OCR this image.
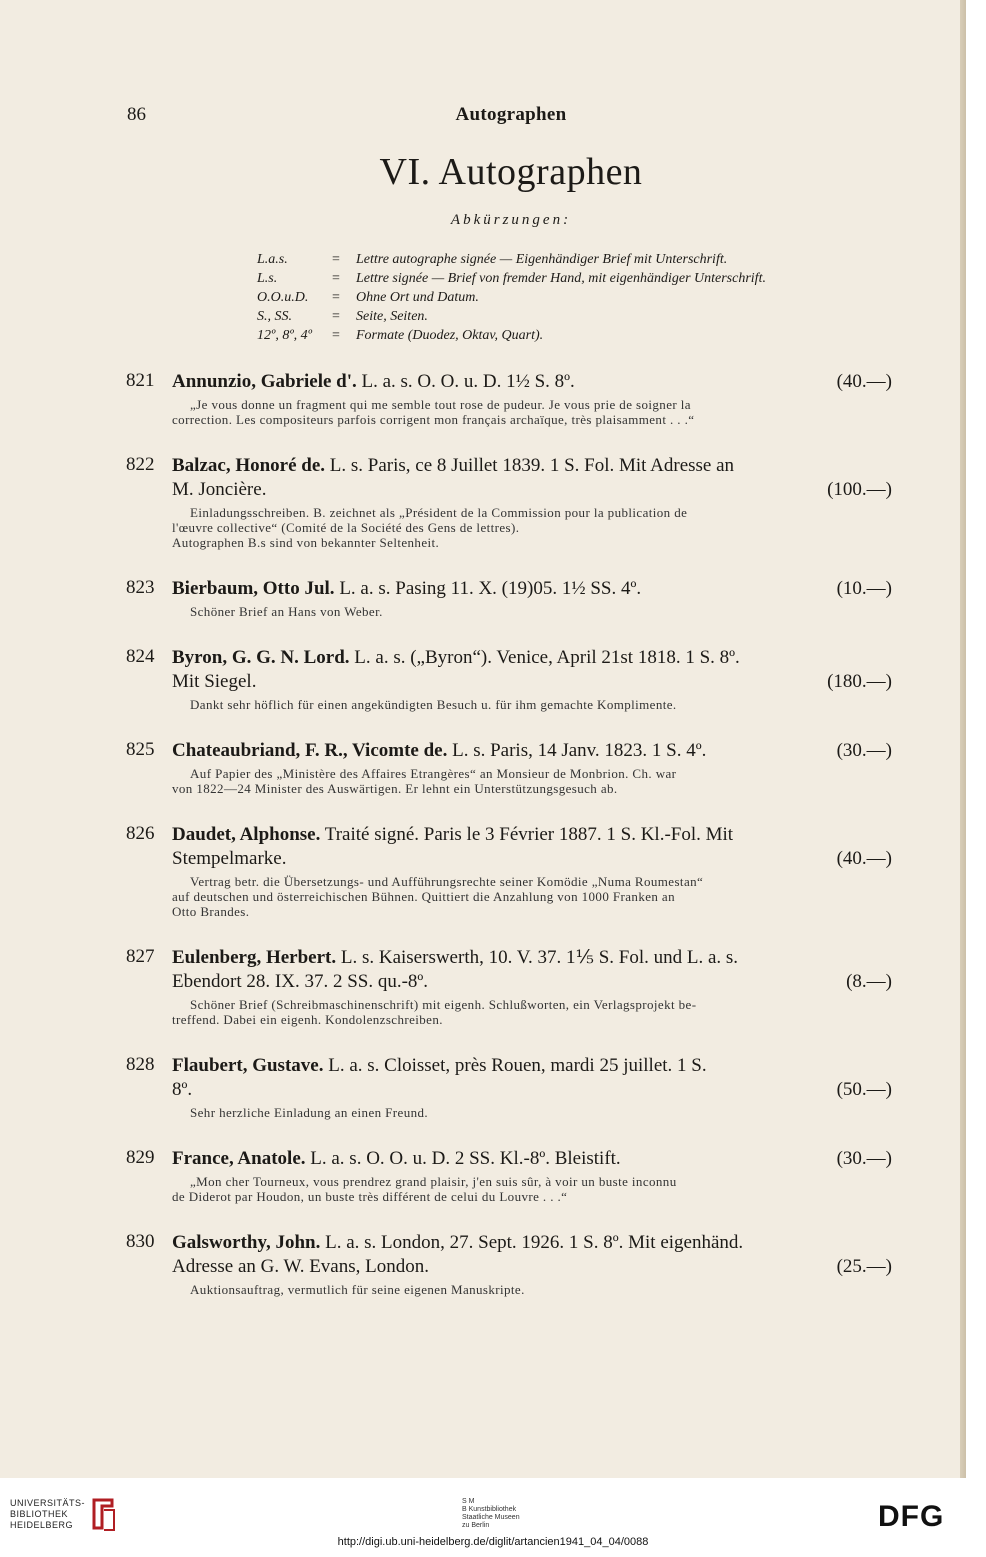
86	Autographen
VI. Autographen
Abkürzungen:
L.a.s.	= Lettre autographe signée — Eigenhändiger Brief mit Unterschrift.
L.s.	= Lettre signée — Brief von fremder Hand, mit eigenhändiger Unterschrift.
O.O.u.D. = Ohne Ort und Datum.
S., SS.	= Seite, Seiten.
12º, 8º, 4º = Formate (Duodez, Oktav, Quart).
821 Annunzio, Gabriele d'. L. a. s. O. O. u. D. 1½ S. 8º.	(40.—)
„Je vous donne un fragment qui me semble tout rose de pudeur. Je vous prie de soigner la
correction. Les compositeurs parfois corrigent mon français archaïque, très plaisamment . . .“
822 Balzac, Honoré de. L. s. Paris, ce 8 Juillet 1839. 1 S. Fol. Mit Adresse an
M. Joncière.	(100.—)
Einladungsschreiben. B. zeichnet als „Président de la Commission pour la publication de
l'œuvre collective“ (Comité de la Société des Gens de lettres).
Autographen B.s sind von bekannter Seltenheit.
823 Bierbaum, Otto Jul. L. a. s. Pasing 11. X. (19)05. 1½ SS. 4º.	(10.—)
Schöner Brief an Hans von Weber.
824 Byron, G. G. N. Lord. L. a. s. („Byron“). Venice, April 21st 1818. 1 S. 8º.
Mit Siegel.	(180.—)
Dankt sehr höflich für einen angekündigten Besuch u. für ihm gemachte Komplimente.
825 Chateaubriand, F. R., Vicomte de. L. s. Paris, 14 Janv. 1823. 1 S. 4º.	(30.—)
Auf Papier des „Ministère des Affaires Etrangères“ an Monsieur de Monbrion. Ch. war
von 1822—24 Minister des Auswärtigen. Er lehnt ein Unterstützungsgesuch ab.
826 Daudet, Alphonse. Traité signé. Paris le 3 Février 1887. 1 S. Kl.-Fol. Mit
Stempelmarke.	(40.—)
Vertrag betr. die Übersetzungs- und Aufführungsrechte seiner Komödie „Numa Roumestan“
auf deutschen und österreichischen Bühnen. Quittiert die Anzahlung von 1000 Franken an
Otto Brandes.
827 Eulenberg, Herbert. L. s. Kaiserswerth, 10. V. 37. 1⅕ S. Fol. und L. a. s.
Ebendort 28. IX. 37. 2 SS. qu.-8º.	(8.—)
Schöner Brief (Schreibmaschinenschrift) mit eigenh. Schlußworten, ein Verlagsprojekt be-
treffend. Dabei ein eigenh. Kondolenzschreiben.
828 Flaubert, Gustave. L. a. s. Cloisset, près Rouen, mardi 25 juillet. 1 S.
8º.	(50.—)
Sehr herzliche Einladung an einen Freund.
829 France, Anatole. L. a. s. O. O. u. D. 2 SS. Kl.-8º. Bleistift.	(30.—)
„Mon cher Tourneux, vous prendrez grand plaisir, j'en suis sûr, à voir un buste inconnu
de Diderot par Houdon, un buste très différent de celui du Louvre . . .“
830 Galsworthy, John. L. a. s. London, 27. Sept. 1926. 1 S. 8º. Mit eigenhänd.
Adresse an G. W. Evans, London.	(25.—)
Auktionsauftrag, vermutlich für seine eigenen Manuskripte.
UNIVERSITÄTS-
BIBLIOTHEK
HEIDELBERG
S M
B Kunstbibliothek
Staatliche Museen
zu Berlin	DFG
http://digi.ub.uni-heidelberg.de/diglit/artancien1941_04_04/0088
